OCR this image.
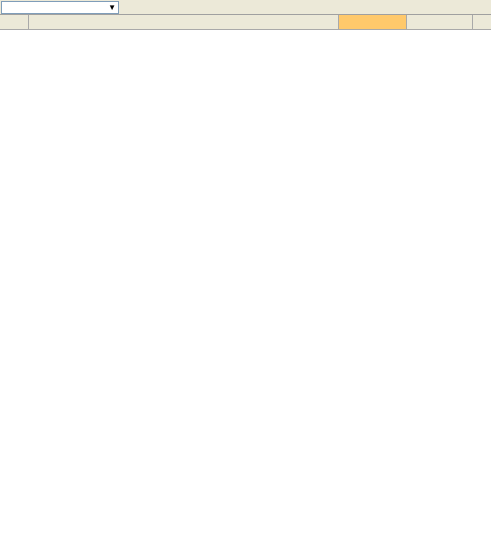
▼
